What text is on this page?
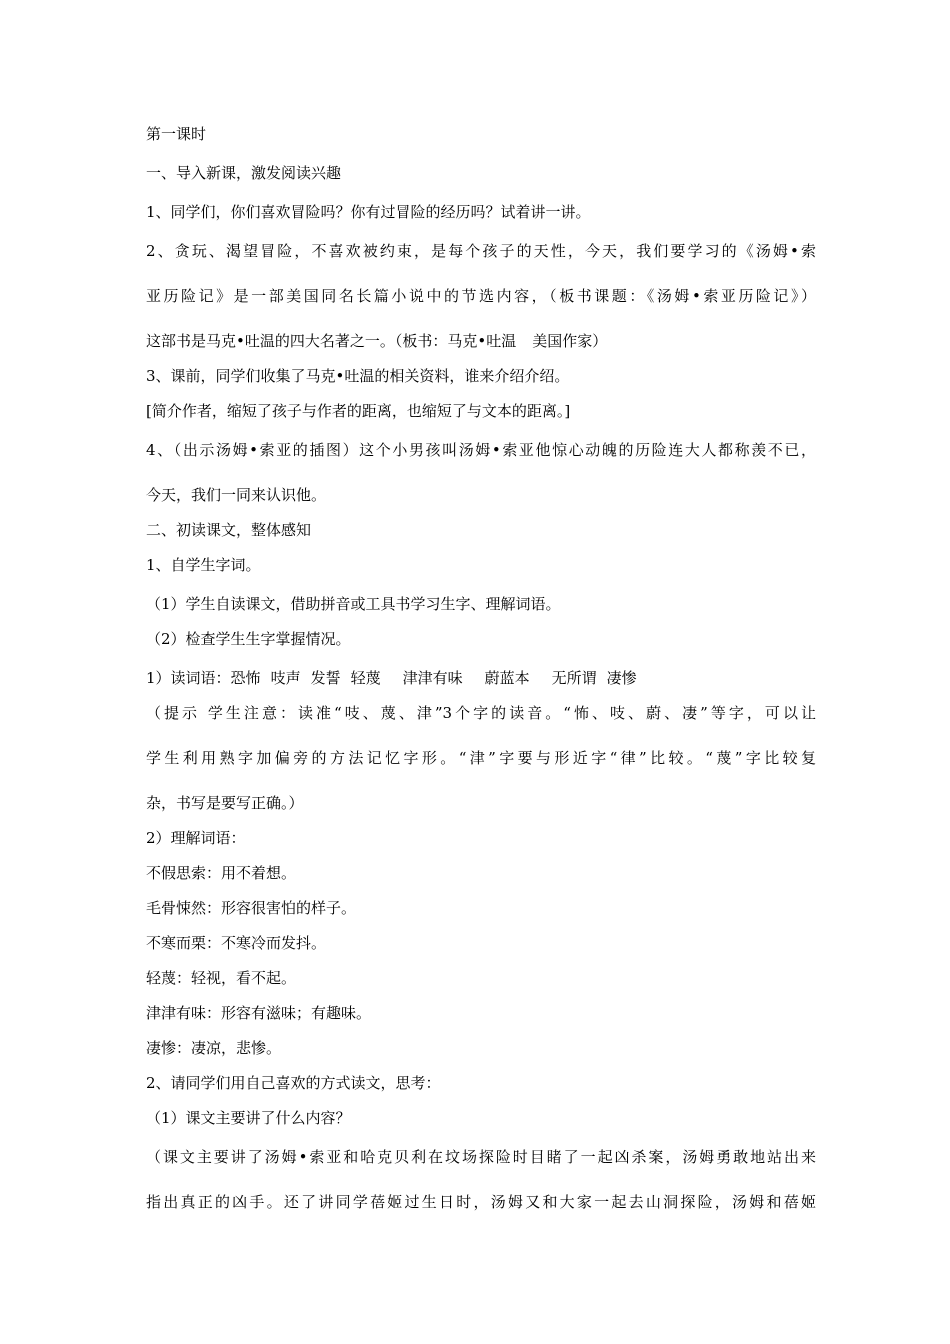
第一课时
一、导入新课，激发阅读兴趣
1、同学们，你们喜欢冒险吗？你有过冒险的经历吗？试着讲一讲。
2、贪玩、渴望冒险，不喜欢被约束，是每个孩子的天性，今天，我们要学习的《汤姆•索
亚历险记》是一部美国同名长篇小说中的节选内容，（板书课题：《汤姆•索亚历险记》）
这部书是马克•吐温的四大名著之一。（板书：马克•吐温 美国作家）
3、课前，同学们收集了马克•吐温的相关资料，谁来介绍介绍。
[简介作者，缩短了孩子与作者的距离，也缩短了与文本的距离。]
4、（出示汤姆•索亚的插图）这个小男孩叫汤姆•索亚他惊心动魄的历险连大人都称羡不已，
今天，我们一同来认识他。
二、初读课文，整体感知
1、自学生字词。
（1）学生自读课文，借助拼音或工具书学习生字、理解词语。
（2）检查学生生字掌握情况。
1）读词语：恐怖 吱声 发誓 轻蔑 津津有味 蔚蓝本 无所谓 凄惨
（提示 学生注意：读准“吱、蔑、津”3个字的读音。“怖、吱、蔚、凄”等字，可以让
学生利用熟字加偏旁的方法记忆字形。“津”字要与形近字“律”比较。“蔑”字比较复
杂，书写是要写正确。）
2）理解词语：
不假思索：用不着想。
毛骨悚然：形容很害怕的样子。
不寒而栗：不寒冷而发抖。
轻蔑：轻视，看不起。
津津有味：形容有滋味；有趣味。
凄惨：凄凉，悲惨。
2、请同学们用自己喜欢的方式读文，思考：
（1）课文主要讲了什么内容？
（课文主要讲了汤姆•索亚和哈克贝利在坟场探险时目睹了一起凶杀案，汤姆勇敢地站出来
指出真正的凶手。还了讲同学蓓姬过生日时，汤姆又和大家一起去山洞探险，汤姆和蓓姬
